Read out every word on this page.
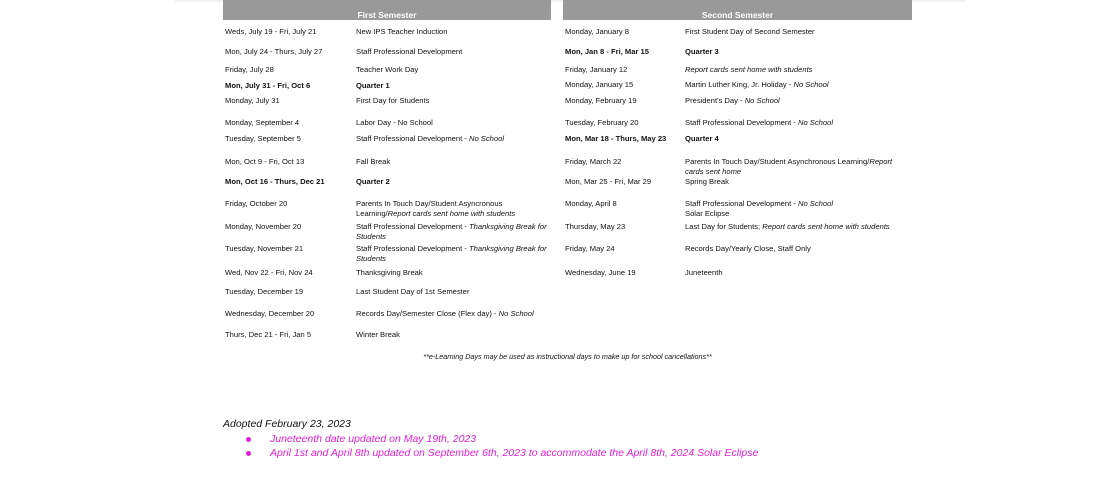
First Semester
Weds, July 19 - Fri, July 21	New IPS Teacher Induction
Mon, July 24 - Thurs, July 27	Staff Professional Development
Friday, July 28	Teacher Work Day
Mon, July 31 - Fri, Oct 6	Quarter 1
Monday, July 31	First Day for Students
Monday, September 4	Labor Day - No School
Tuesday, September 5	Staff Professional Development - No School
Mon, Oct 9 - Fri, Oct 13	Fall Break
Mon, Oct 16 - Thurs, Dec 21	Quarter 2
Friday, October 20	Parents In Touch Day/Student Asyncronous Learning/Report cards sent home with students
Monday, November 20	Staff Professional Development - Thanksgiving Break for Students
Tuesday, November 21	Staff Professional Development - Thanksgiving Break for Students
Wed, Nov 22 - Fri, Nov 24	Thanksgiving Break
Tuesday, December 19	Last Student Day of 1st Semester
Wednesday, December 20	Records Day/Semester Close (Flex day) - No School
Thurs, Dec 21 - Fri, Jan 5	Winter Break
Second Semester
Monday, January 8	First Student Day of Second Semester
Mon, Jan 8 - Fri, Mar 15	Quarter 3
Friday, January 12	Report cards sent home with students
Monday, January 15	Martin Luther King, Jr. Holiday - No School
Monday, February 19	President's Day - No School
Tuesday, February 20	Staff Professional Development - No School
Mon, Mar 18 - Thurs, May 23 Quarter 4
Friday, March 22	Parents In Touch Day/Student Asynchronous Learning/Report cards sent home
Mon, Mar 25 - Fri, Mar 29	Spring Break
Monday, April 8	Staff Professional Development - No School
Solar Eclipse
Thursday, May 23	Last Day for Students; Report cards sent home with students
Friday, May 24	Records Day/Yearly Close, Staff Only
Wednesday, June 19	Juneteenth
**e-Learning Days may be used as instructional days to make up for school cancellations**
Adopted February 23, 2023
Juneteenth date updated on May 19th, 2023
April 1st and April 8th updated on September 6th, 2023 to accommodate the April 8th, 2024 Solar Eclipse
